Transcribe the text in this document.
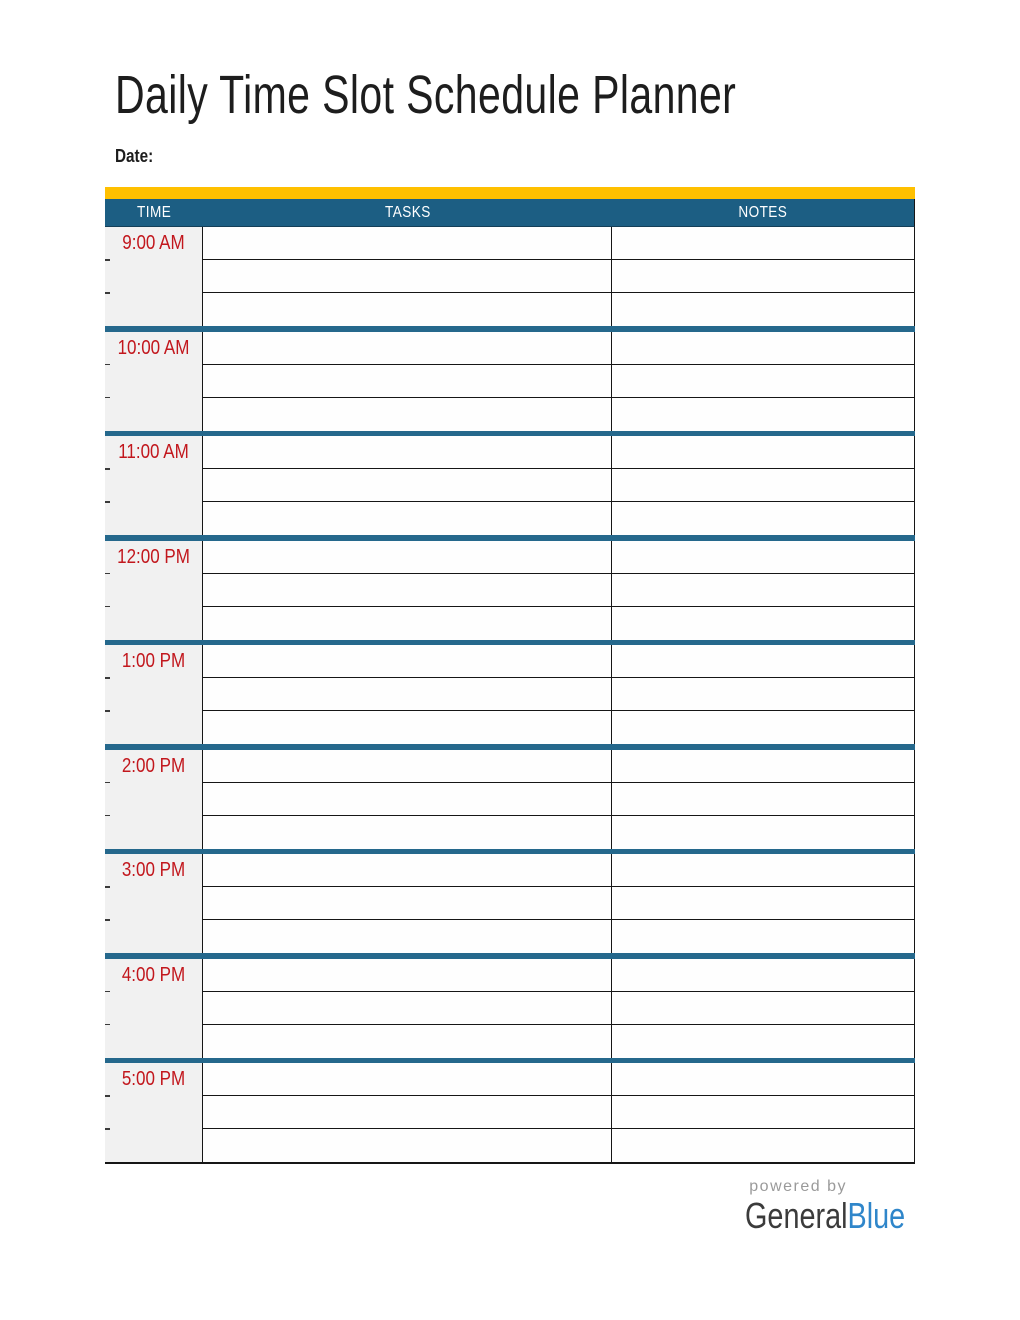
Daily Time Slot Schedule Planner
Date:
TIME	TASKS	NOTES
9:00 AM
10:00 AM
11:00 AM
12:00 PM
1:00 PM
2:00 PM
3:00 PM
4:00 PM
5:00 PM
powered by
GeneralBlue
